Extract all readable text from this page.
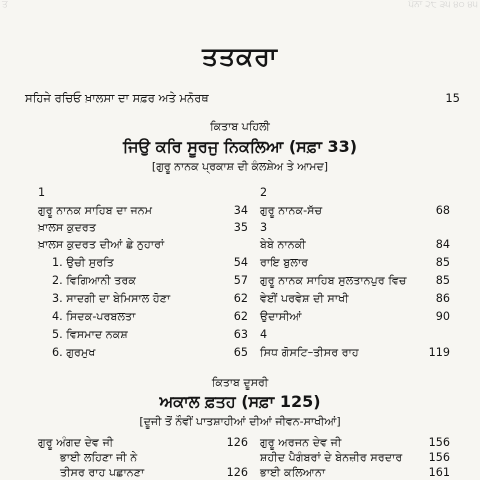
ਪੰਨਾ ੨੮ ੩੫ ੪੦ ੪੫
ਤ
ਤਤਕਰਾ
ਸਹਿਜੇ ਰਚਿਓ ਖ਼ਾਲਸਾ ਦਾ ਸਫ਼ਰ ਅਤੇ ਮਨੋਰਥ	15
ਕਿਤਾਬ ਪਹਿਲੀ
ਜਿਉ ਕਰਿ ਸੂਰਜੁ ਨਿਕਲਿਆ (ਸਫ਼ਾ 33)
[ਗੁਰੂ ਨਾਨਕ ਪ੍ਰਕਾਸ਼ ਦੀ ਕੰਲਸ਼ੇਅ ਤੇ ਆਮਦ]
1
ਗੁਰੂ ਨਾਨਕ ਸਾਹਿਬ ਦਾ ਜਨਮ	34
ਖ਼ਾਲਸ ਕੁਦਰਤ	35
ਖ਼ਾਲਸ ਕੁਦਰਤ ਦੀਆਂ ਛੇ ਨੁਹਾਰਾਂ
1. ਉਚੀ ਸੁਰਤਿ	54
2. ਵਿਗਿਆਨੀ ਤਰਕ	57
3. ਸਾਦਗੀ ਦਾ ਬੇਮਿਸਾਲ ਹੋਣਾ	62
4. ਸਿਦਕ-ਪਰਬਲਤਾ	62
5. ਵਿਸਮਾਦ ਨਕਸ਼	63
6. ਗੁਰਮੁਖ	65
2
ਗੁਰੂ ਨਾਨਕ-ਸੱਚ	68
3
ਬੇਬੇ ਨਾਨਕੀ	84
ਰਾਇ ਬੁਲਾਰ	85
ਗੁਰੂ ਨਾਨਕ ਸਾਹਿਬ ਸੁਲਤਾਨਪੁਰ ਵਿਚ	85
ਵੇਈਂ ਪਰਵੇਸ਼ ਦੀ ਸਾਖੀ	86
ਉਦਾਸੀਆਂ	90
4
ਸਿਧ ਗੋਸਟਿ–ਤੀਸਰ ਰਾਹ	119
ਕਿਤਾਬ ਦੂਸਰੀ
ਅਕਾਲ ਫ਼ਤਹ (ਸਫ਼ਾ 125)
[ਦੂਜੀ ਤੋਂ ਨੌਵੀਂ ਪਾਤਸ਼ਾਹੀਆਂ ਦੀਆਂ ਜੀਵਨ-ਸਾਖੀਆਂ]
ਗੁਰੂ ਅੰਗਦ ਦੇਵ ਜੀ	126
ਭਾਈ ਲਹਿਣਾ ਜੀ ਨੇ
ਤੀਸਰ ਰਾਹ ਪਛਾਨਣਾ	126
ਗੁਰੂ ਅਰਜਨ ਦੇਵ ਜੀ	156
ਸ਼ਹੀਦ ਪੈਗੰਬਰਾਂ ਦੇ ਬੇਨਜ਼ੀਰ ਸਰਦਾਰ 156
ਭਾਈ ਕਲਿਆਨਾ	161
